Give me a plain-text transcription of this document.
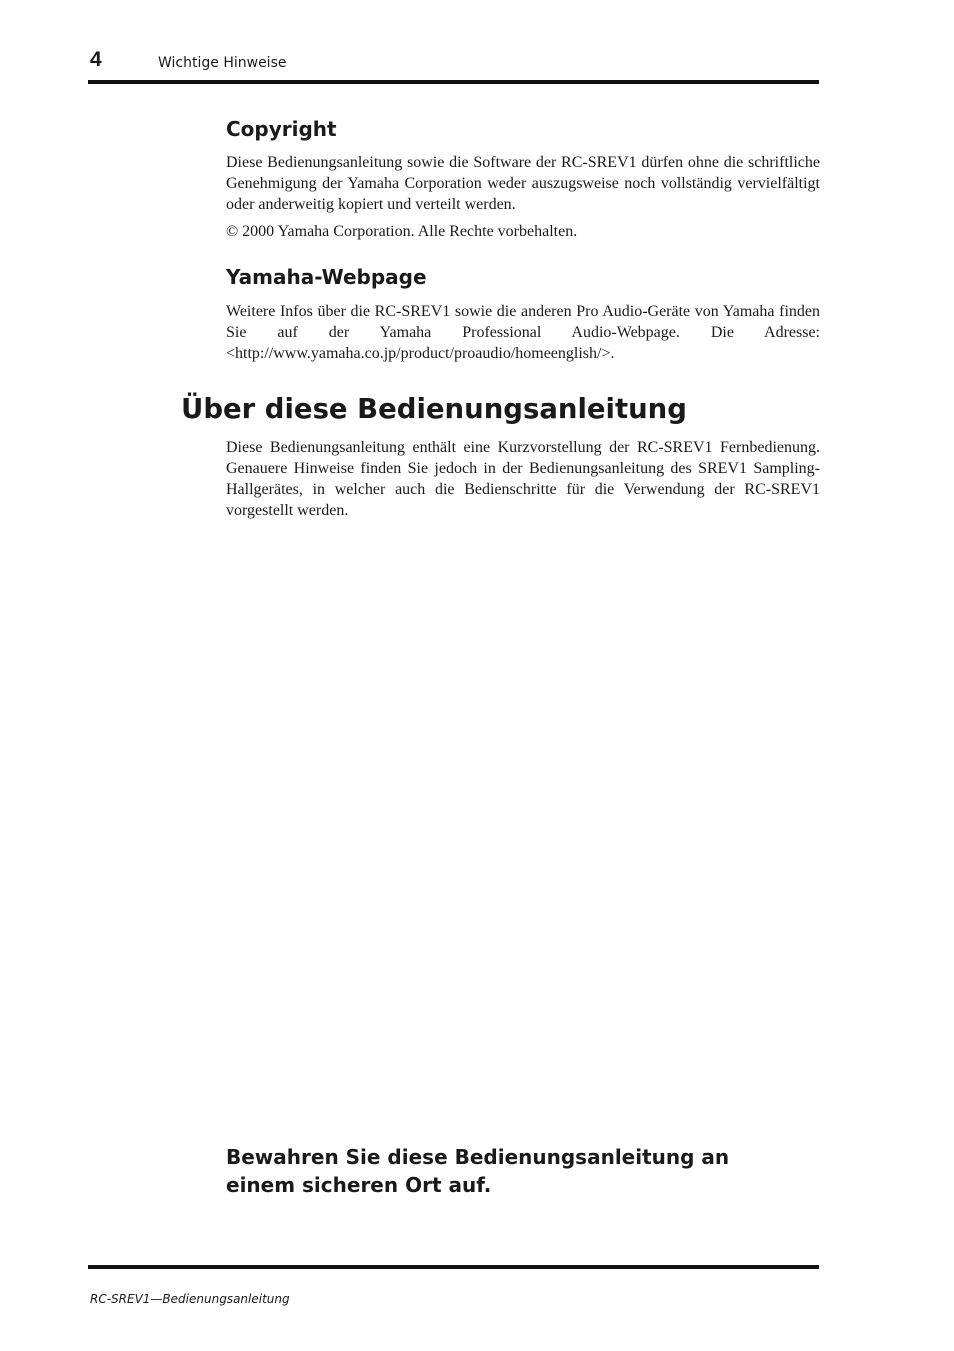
4	Wichtige Hinweise
Copyright

Diese Bedienungsanleitung sowie die Software der RC-SREV1 dürfen ohne die schriftliche Genehmigung der Yamaha Corporation weder auszugsweise noch vollständig vervielfältigt oder anderweitig kopiert und verteilt werden.

© 2000 Yamaha Corporation. Alle Rechte vorbehalten.

Yamaha-Webpage

Weitere Infos über die RC-SREV1 sowie die anderen Pro Audio-Geräte von Yamaha finden Sie auf der Yamaha Professional Audio-Webpage. Die Adresse: <http://www.yamaha.co.jp/product/proaudio/homeenglish/>.

Über diese Bedienungsanleitung

Diese Bedienungsanleitung enthält eine Kurzvorstellung der RC-SREV1 Fernbedienung. Genauere Hinweise finden Sie jedoch in der Bedienungsanleitung des SREV1 Sampling-Hallgerätes, in welcher auch die Bedienschritte für die Verwendung der RC-SREV1 vorgestellt werden.

Bewahren Sie diese Bedienungsanleitung an einem sicheren Ort auf.

RC-SREV1—Bedienungsanleitung
